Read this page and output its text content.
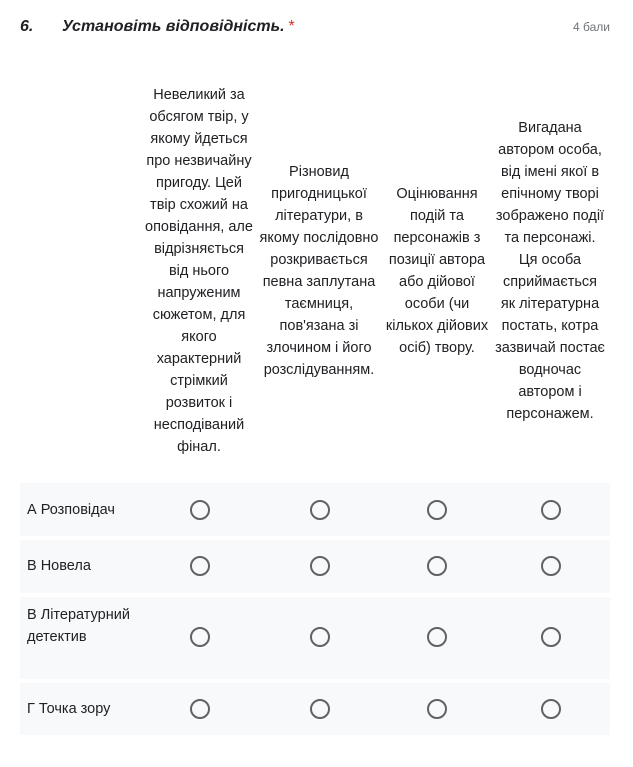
6. Установіть відповідність. *	4 бали
Невеликий за обсягом твір, у якому йдеться про незвичайну пригоду. Цей твір схожий на оповідання, але відрізняється від нього напруженим сюжетом, для якого характерний стрімкий розвиток і несподіваний фінал.
Різновид пригодницької літератури, в якому послідовно розкривається певна заплутана таємниця, пов'язана зі злочином і його розслідуванням.
Оцінювання подій та персонажів з позиції автора або дійової особи (чи кількох дійових осіб) твору.
Вигадана автором особа, від імені якої в епічному творі зображено події та персонажі. Ця особа сприймається як літературна постать, котра зазвичай постає водночас автором і персонажем.
А Розповідач
В Новела
В Літературний детектив
Г Точка зору
